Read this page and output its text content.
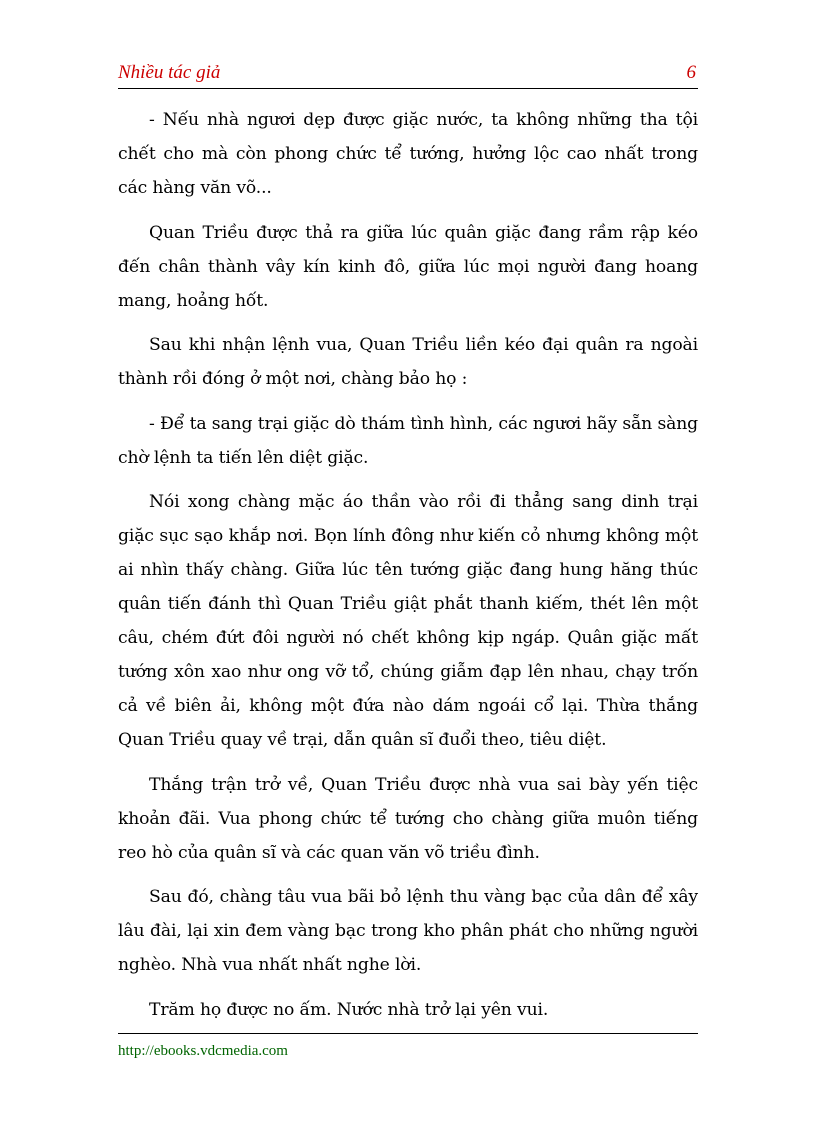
Nhiều tác giả	6

- Nếu nhà ngươi dẹp được giặc nước, ta không những tha tội chết cho mà còn phong chức tể tướng, hưởng lộc cao nhất trong các hàng văn võ...

Quan Triều được thả ra giữa lúc quân giặc đang rầm rập kéo đến chân thành vây kín kinh đô, giữa lúc mọi người đang hoang mang, hoảng hốt.

Sau khi nhận lệnh vua, Quan Triều liền kéo đại quân ra ngoài thành rồi đóng ở một nơi, chàng bảo họ :

- Để ta sang trại giặc dò thám tình hình, các ngươi hãy sẵn sàng chờ lệnh ta tiến lên diệt giặc.

Nói xong chàng mặc áo thần vào rồi đi thẳng sang dinh trại giặc sục sạo khắp nơi. Bọn lính đông như kiến cỏ nhưng không một ai nhìn thấy chàng. Giữa lúc tên tướng giặc đang hung hăng thúc quân tiến đánh thì Quan Triều giật phắt thanh kiếm, thét lên một câu, chém đứt đôi người nó chết không kịp ngáp. Quân giặc mất tướng xôn xao như ong vỡ tổ, chúng giẫm đạp lên nhau, chạy trốn cả về biên ải, không một đứa nào dám ngoái cổ lại. Thừa thắng Quan Triều quay về trại, dẫn quân sĩ đuổi theo, tiêu diệt.

Thắng trận trở về, Quan Triều được nhà vua sai bày yến tiệc khoản đãi. Vua phong chức tể tướng cho chàng giữa muôn tiếng reo hò của quân sĩ và các quan văn võ triều đình.

Sau đó, chàng tâu vua bãi bỏ lệnh thu vàng bạc của dân để xây lâu đài, lại xin đem vàng bạc trong kho phân phát cho những người nghèo. Nhà vua nhất nhất nghe lời.

Trăm họ được no ấm. Nước nhà trở lại yên vui.

http://ebooks.vdcmedia.com
